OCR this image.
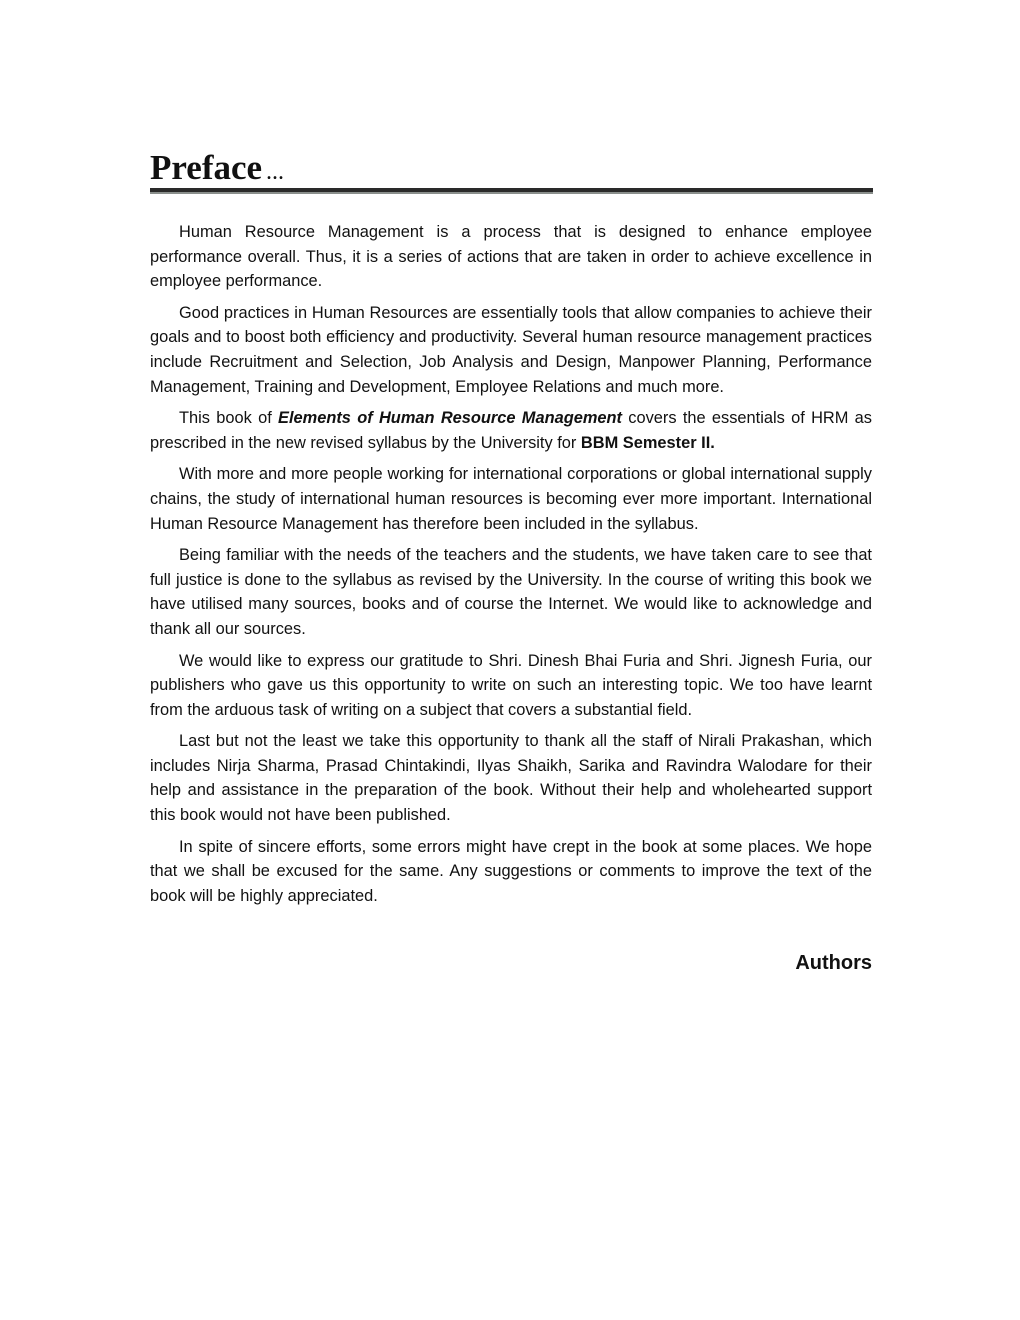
Preface ...

Human Resource Management is a process that is designed to enhance employee performance overall. Thus, it is a series of actions that are taken in order to achieve excellence in employee performance.

Good practices in Human Resources are essentially tools that allow companies to achieve their goals and to boost both efficiency and productivity. Several human resource management practices include Recruitment and Selection, Job Analysis and Design, Manpower Planning, Performance Management, Training and Development, Employee Relations and much more.

This book of Elements of Human Resource Management covers the essentials of HRM as prescribed in the new revised syllabus by the University for BBM Semester II.

With more and more people working for international corporations or global international supply chains, the study of international human resources is becoming ever more important. International Human Resource Management has therefore been included in the syllabus.

Being familiar with the needs of the teachers and the students, we have taken care to see that full justice is done to the syllabus as revised by the University. In the course of writing this book we have utilised many sources, books and of course the Internet. We would like to acknowledge and thank all our sources.

We would like to express our gratitude to Shri. Dinesh Bhai Furia and Shri. Jignesh Furia, our publishers who gave us this opportunity to write on such an interesting topic. We too have learnt from the arduous task of writing on a subject that covers a substantial field.

Last but not the least we take this opportunity to thank all the staff of Nirali Prakashan, which includes Nirja Sharma, Prasad Chintakindi, Ilyas Shaikh, Sarika and Ravindra Walodare for their help and assistance in the preparation of the book. Without their help and wholehearted support this book would not have been published.

In spite of sincere efforts, some errors might have crept in the book at some places. We hope that we shall be excused for the same. Any suggestions or comments to improve the text of the book will be highly appreciated.

Authors
